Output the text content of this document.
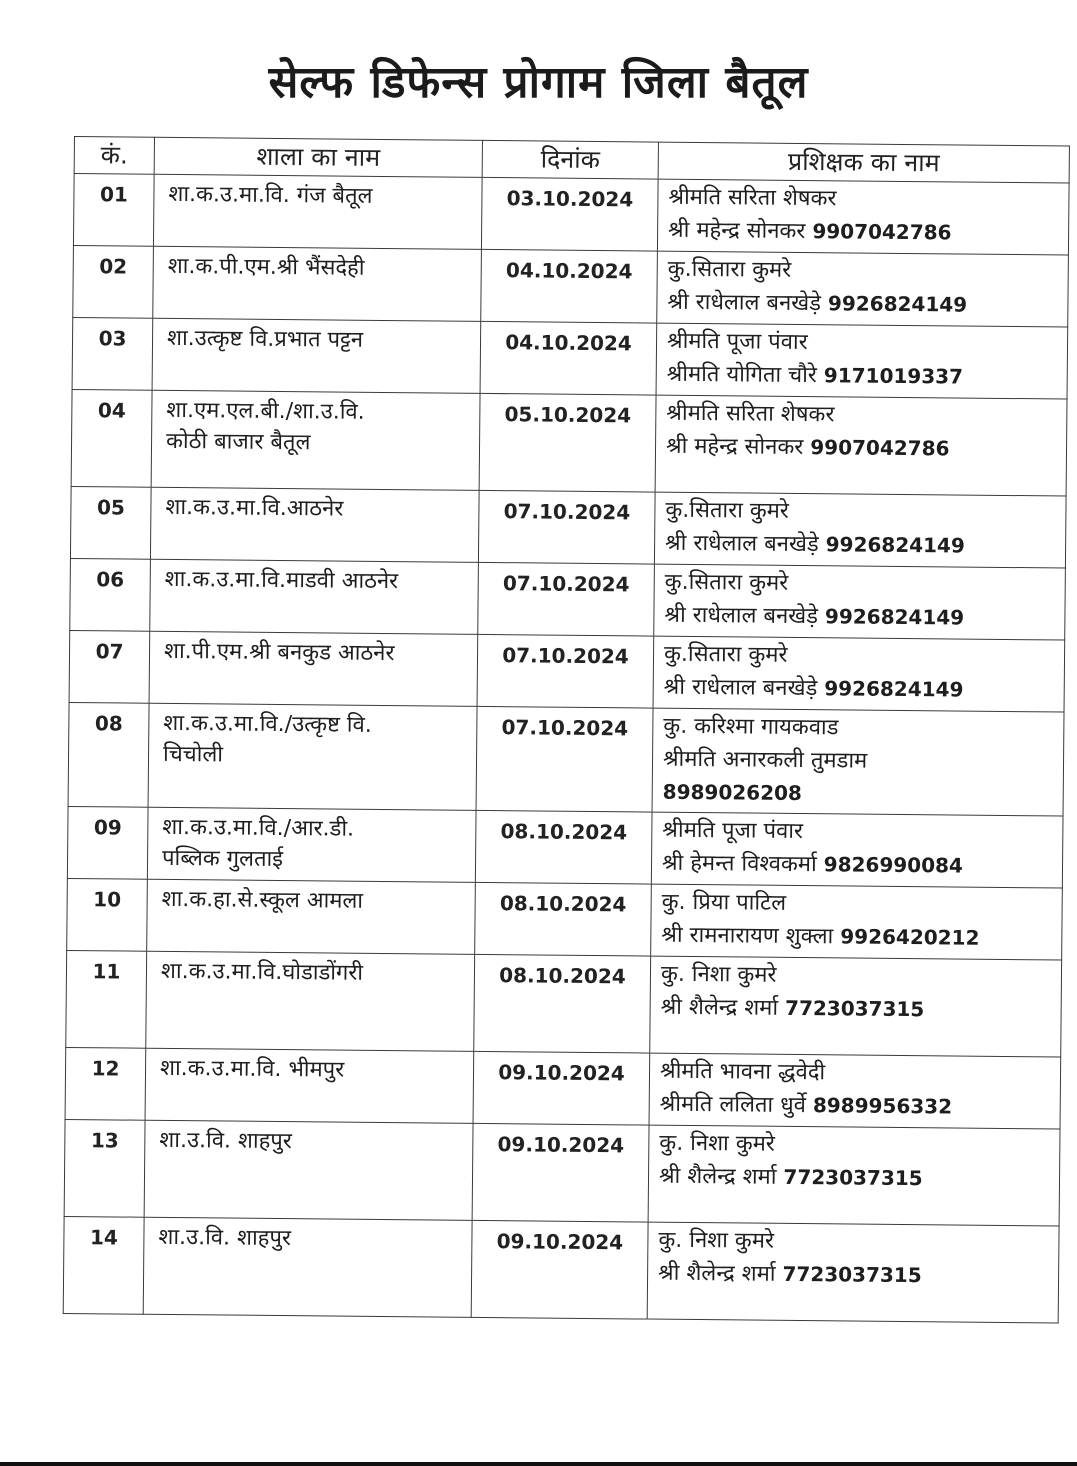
सेल्फ डिफेन्स प्रोगाम जिला बैतूल
कं.	शाला का नाम	दिनांक	प्रशिक्षक का नाम

01	शा.क.उ.मा.वि. गंज बैतूल	03.10.2024	श्रीमति सरिता शेषकर
श्री महेन्द्र सोनकर 9907042786

02	शा.क.पी.एम.श्री भैंसदेही	04.10.2024	कु.सितारा कुमरे
श्री राधेलाल बनखेड़े 9926824149

03	शा.उत्कृष्ट वि.प्रभात पट्टन	04.10.2024	श्रीमति पूजा पंवार
श्रीमति योगिता चौरे 9171019337

04	शा.एम.एल.बी./शा.उ.वि.
कोठी बाजार बैतूल	05.10.2024	श्रीमति सरिता शेषकर
श्री महेन्द्र सोनकर 9907042786

05	शा.क.उ.मा.वि.आठनेर	07.10.2024	कु.सितारा कुमरे
श्री राधेलाल बनखेड़े 9926824149

06	शा.क.उ.मा.वि.माडवी आठनेर	07.10.2024	कु.सितारा कुमरे
श्री राधेलाल बनखेड़े 9926824149

07	शा.पी.एम.श्री बनकुड आठनेर	07.10.2024	कु.सितारा कुमरे
श्री राधेलाल बनखेड़े 9926824149

08	शा.क.उ.मा.वि./उत्कृष्ट वि.
चिचोली	07.10.2024	कु. करिश्मा गायकवाड
श्रीमति अनारकली तुमडाम
8989026208

09	शा.क.उ.मा.वि./आर.डी.
पब्लिक गुलताई	08.10.2024	श्रीमति पूजा पंवार
श्री हेमन्त विश्वकर्मा 9826990084

10	शा.क.हा.से.स्कूल आमला	08.10.2024	कु. प्रिया पाटिल
श्री रामनारायण शुक्ला 9926420212

11	शा.क.उ.मा.वि.घोडाडोंगरी	08.10.2024	कु. निशा कुमरे
श्री शैलेन्द्र शर्मा 7723037315

12	शा.क.उ.मा.वि. भीमपुर	09.10.2024	श्रीमति भावना द्धवेदी
श्रीमति ललिता धुर्वे 8989956332

13	शा.उ.वि. शाहपुर	09.10.2024	कु. निशा कुमरे
श्री शैलेन्द्र शर्मा 7723037315

14	शा.उ.वि. शाहपुर	09.10.2024	कु. निशा कुमरे
श्री शैलेन्द्र शर्मा 7723037315
